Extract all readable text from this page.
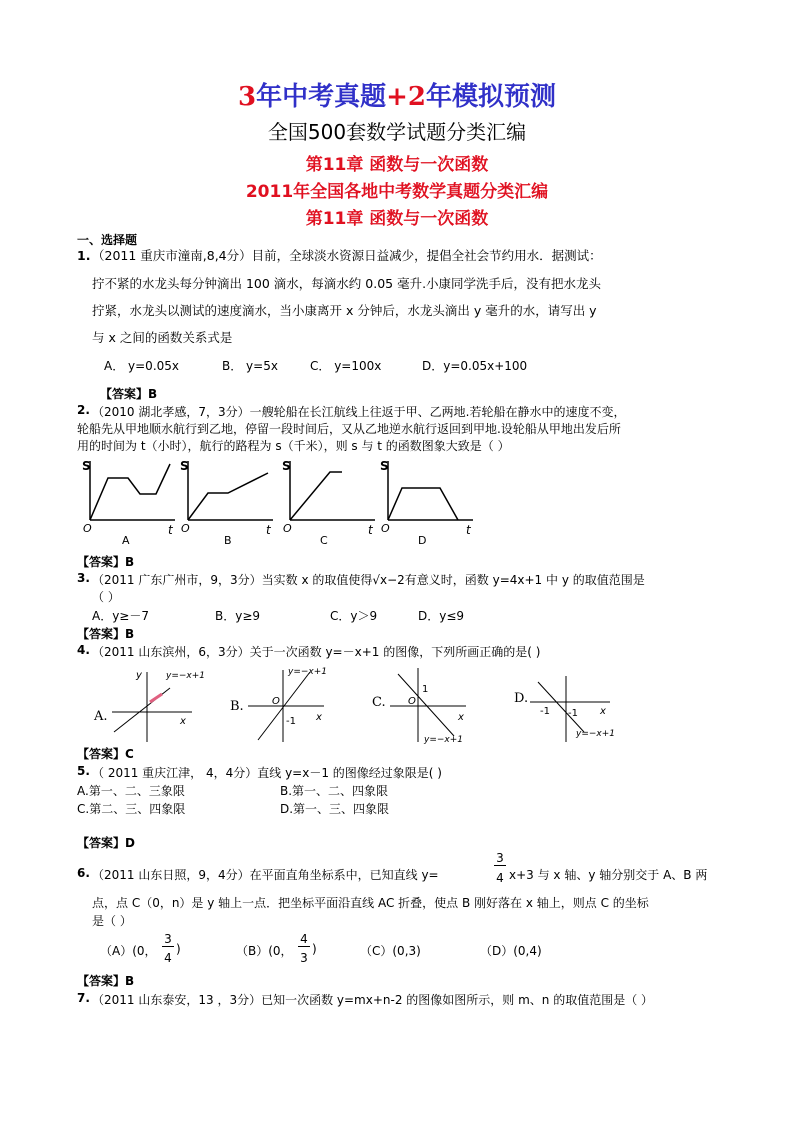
3年中考真题+2年模拟预测
全国500套数学试题分类汇编
第11章 函数与一次函数
2011年全国各地中考数学真题分类汇编
第11章 函数与一次函数
一、选择题
1. （2011 重庆市潼南,8,4分）目前，全球淡水资源日益减少，提倡全社会节约用水．据测试：
拧不紧的水龙头每分钟滴出 100 滴水，每滴水约 0.05 毫升.小康同学洗手后，没有把水龙头
拧紧，水龙头以测试的速度滴水，当小康离开 x 分钟后，水龙头滴出 y 毫升的水，请写出 y
与 x 之间的函数关系式是
A． y=0.05x	B． y=5x	C． y=100x	D．y=0.05x+100
【答案】B
2. （2010 湖北孝感，7，3分）一艘轮船在长江航线上往返于甲、乙两地.若轮船在静水中的速度不变，
轮船先从甲地顺水航行到乙地，停留一段时间后，又从乙地逆水航行返回到甲地.设轮船从甲地出发后所
用的时间为 t（小时），航行的路程为 s（千米），则 s 与 t 的函数图象大致是（ ）
S
t
O
A
S
t
O
B
S
t
O
C
S
t
O
D
【答案】B
3. （2011 广东广州市，9，3分）当实数 x 的取值使得√x−2有意义时，函数 y=4x+1 中 y 的取值范围是
（ ）
A．y≥－7	B．y≥9	C．y＞9	D．y≤9
【答案】B
4. （2011 山东滨州，6，3分）关于一次函数 y=－x+1 的图像，下列所画正确的是( )
A.
y=−x+1
x
y
B.
y=−x+1
O
x
-1
C. O
1
x
y=−x+1
D.
-1 -1 x
y=−x+1
【答案】C
5. （ 2011 重庆江津， 4，4分）直线 y=x－1 的图像经过象限是( )
A.第一、二、三象限	B.第一、二、四象限
C.第二、三、四象限	D.第一、三、四象限
【答案】D
6. （2011 山东日照，9，4分）在平面直角坐标系中，已知直线 y=
3
4 x+3 与 x 轴、y 轴分别交于 A、B 两
点，点 C（0，n）是 y 轴上一点．把坐标平面沿直线 AC 折叠，使点 B 刚好落在 x 轴上，则点 C 的坐标
是（ ）
（A）(0，
3
4
)	（B）(0，
4
3
)	（C）(0,3)	（D）(0,4)
【答案】B
7. （2011 山东泰安，13 ，3分）已知一次函数 y=mx+n-2 的图像如图所示，则 m、n 的取值范围是（ ）
